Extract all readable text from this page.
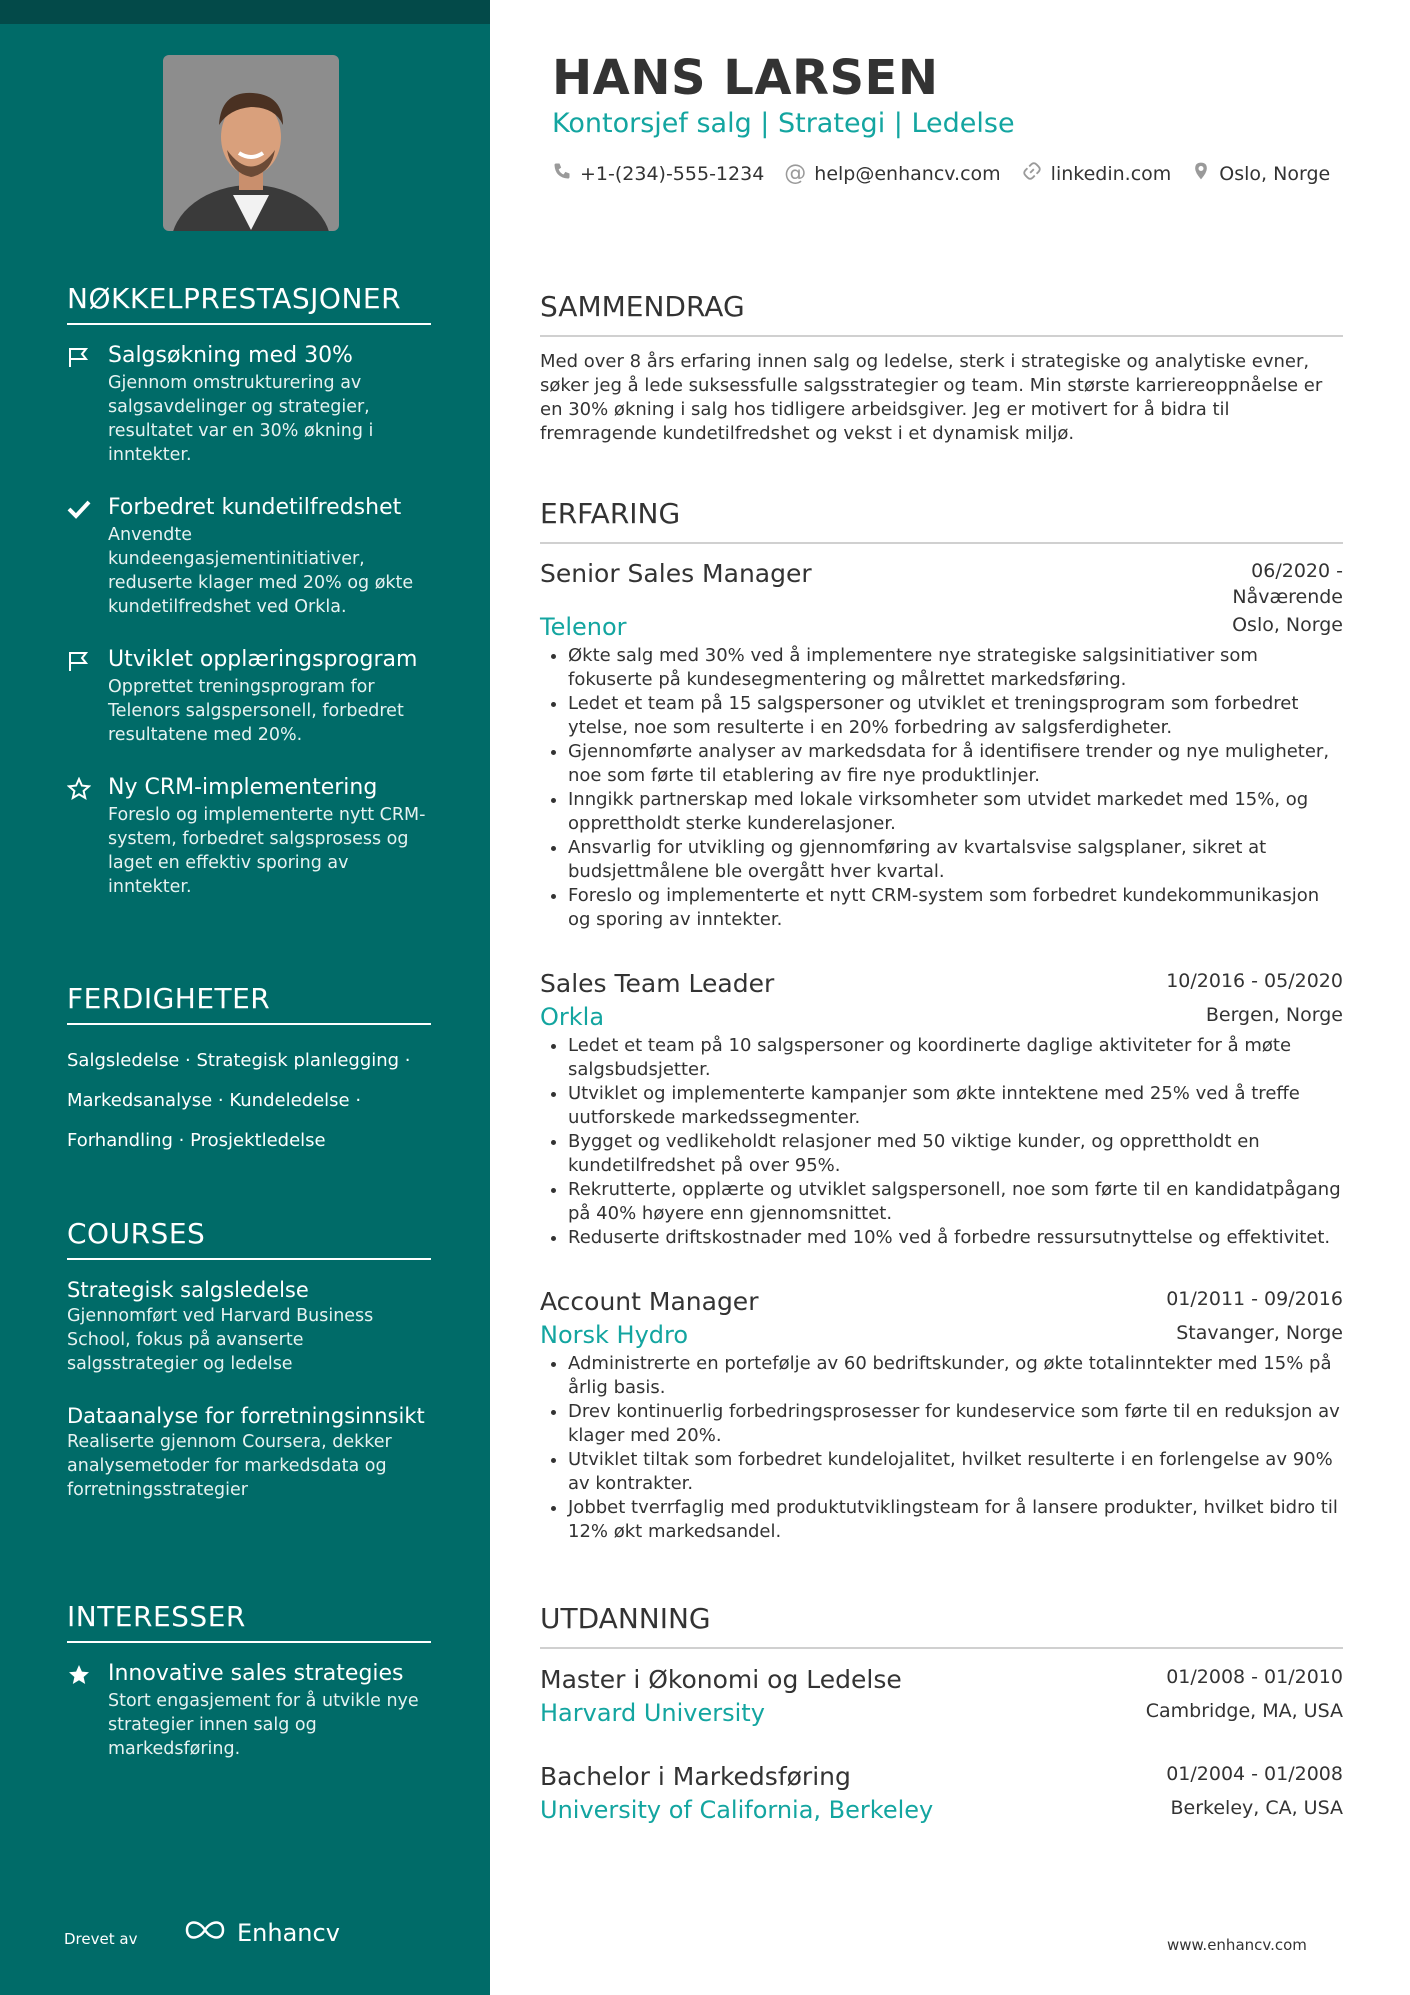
NØKKELPRESTASJONER
Salgsøkning med 30%
Gjennom omstrukturering av salgsavdelinger og strategier, resultatet var en 30% økning i inntekter.
Forbedret kundetilfredshet
Anvendte kundeengasjementinitiativer, reduserte klager med 20% og økte kundetilfredshet ved Orkla.
Utviklet opplæringsprogram
Opprettet treningsprogram for Telenors salgspersonell, forbedret resultatene med 20%.
Ny CRM-implementering
Foreslo og implementerte nytt CRM-system, forbedret salgsprosess og laget en effektiv sporing av inntekter.
FERDIGHETER
Salgsledelse · Strategisk planlegging ·
Markedsanalyse · Kundeledelse ·
Forhandling · Prosjektledelse
COURSES
Strategisk salgsledelse
Gjennomført ved Harvard Business School, fokus på avanserte salgsstrategier og ledelse
Dataanalyse for forretningsinnsikt
Realiserte gjennom Coursera, dekker analysemetoder for markedsdata og forretningsstrategier
INTERESSER
Innovative sales strategies
Stort engasjement for å utvikle nye strategier innen salg og markedsføring.
Drevet av	Enhancv
HANS LARSEN
Kontorsjef salg | Strategi | Ledelse
+1-(234)-555-1234 @ help@enhancv.com	linkedin.com	Oslo, Norge
SAMMENDRAG
Med over 8 års erfaring innen salg og ledelse, sterk i strategiske og analytiske evner, søker jeg å lede suksessfulle salgsstrategier og team. Min største karriereoppnåelse er en 30% økning i salg hos tidligere arbeidsgiver. Jeg er motivert for å bidra til fremragende kundetilfredshet og vekst i et dynamisk miljø.
ERFARING
Senior Sales Manager	06/2020 - Nåværende
Telenor	Oslo, Norge
• Økte salg med 30% ved å implementere nye strategiske salgsinitiativer som fokuserte på kundesegmentering og målrettet markedsføring.
• Ledet et team på 15 salgspersoner og utviklet et treningsprogram som forbedret ytelse, noe som resulterte i en 20% forbedring av salgsferdigheter.
• Gjennomførte analyser av markedsdata for å identifisere trender og nye muligheter, noe som førte til etablering av fire nye produktlinjer.
• Inngikk partnerskap med lokale virksomheter som utvidet markedet med 15%, og opprettholdt sterke kunderelasjoner.
• Ansvarlig for utvikling og gjennomføring av kvartalsvise salgsplaner, sikret at budsjettmålene ble overgått hver kvartal.
• Foreslo og implementerte et nytt CRM-system som forbedret kundekommunikasjon og sporing av inntekter.
Sales Team Leader	10/2016 - 05/2020
Orkla	Bergen, Norge
• Ledet et team på 10 salgspersoner og koordinerte daglige aktiviteter for å møte salgsbudsjetter.
• Utviklet og implementerte kampanjer som økte inntektene med 25% ved å treffe uutforskede markedssegmenter.
• Bygget og vedlikeholdt relasjoner med 50 viktige kunder, og opprettholdt en kundetilfredshet på over 95%.
• Rekrutterte, opplærte og utviklet salgspersonell, noe som førte til en kandidatpågang på 40% høyere enn gjennomsnittet.
• Reduserte driftskostnader med 10% ved å forbedre ressursutnyttelse og effektivitet.
Account Manager	01/2011 - 09/2016
Norsk Hydro	Stavanger, Norge
• Administrerte en portefølje av 60 bedriftskunder, og økte totalinntekter med 15% på årlig basis.
• Drev kontinuerlig forbedringsprosesser for kundeservice som førte til en reduksjon av klager med 20%.
• Utviklet tiltak som forbedret kundelojalitet, hvilket resulterte i en forlengelse av 90% av kontrakter.
• Jobbet tverrfaglig med produktutviklingsteam for å lansere produkter, hvilket bidro til 12% økt markedsandel.
UTDANNING
Master i Økonomi og Ledelse	01/2008 - 01/2010
Harvard University	Cambridge, MA, USA
Bachelor i Markedsføring	01/2004 - 01/2008
University of California, Berkeley	Berkeley, CA, USA
www.enhancv.com
